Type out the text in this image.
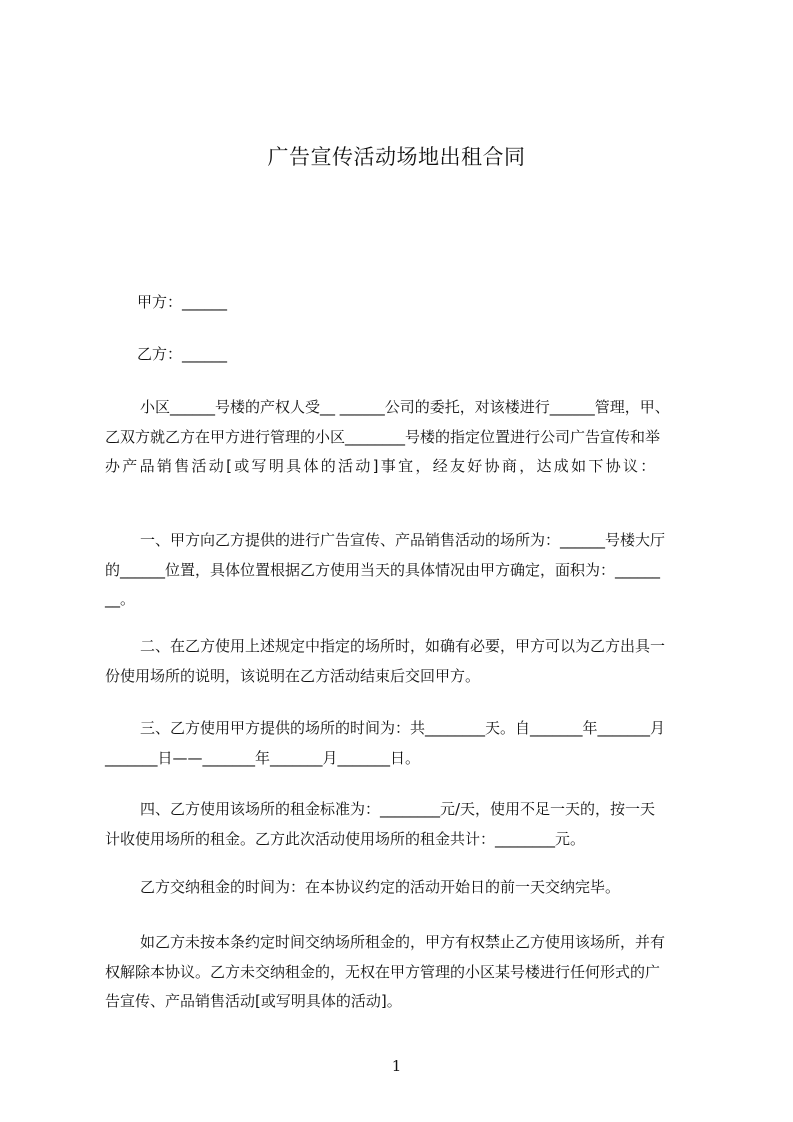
广告宣传活动场地出租合同
甲方：______
乙方：______
小区______号楼的产权人受__ ______公司的委托，对该楼进行______管理，甲、
乙双方就乙方在甲方进行管理的小区________号楼的指定位置进行公司广告宣传和举
办产品销售活动[或写明具体的活动]事宜，经友好协商，达成如下协议：
一、甲方向乙方提供的进行广告宣传、产品销售活动的场所为：______号楼大厅
的______位置，具体位置根据乙方使用当天的具体情况由甲方确定，面积为：______
__。
二、在乙方使用上述规定中指定的场所时，如确有必要，甲方可以为乙方出具一
份使用场所的说明，该说明在乙方活动结束后交回甲方。
三、乙方使用甲方提供的场所的时间为：共________天。自_______年_______月
_______日——_______年_______月_______日。
四、乙方使用该场所的租金标准为：________元/天，使用不足一天的，按一天
计收使用场所的租金。乙方此次活动使用场所的租金共计：________元。
乙方交纳租金的时间为：在本协议约定的活动开始日的前一天交纳完毕。
如乙方未按本条约定时间交纳场所租金的，甲方有权禁止乙方使用该场所，并有
权解除本协议。乙方未交纳租金的，无权在甲方管理的小区某号楼进行任何形式的广
告宣传、产品销售活动[或写明具体的活动]。
1
